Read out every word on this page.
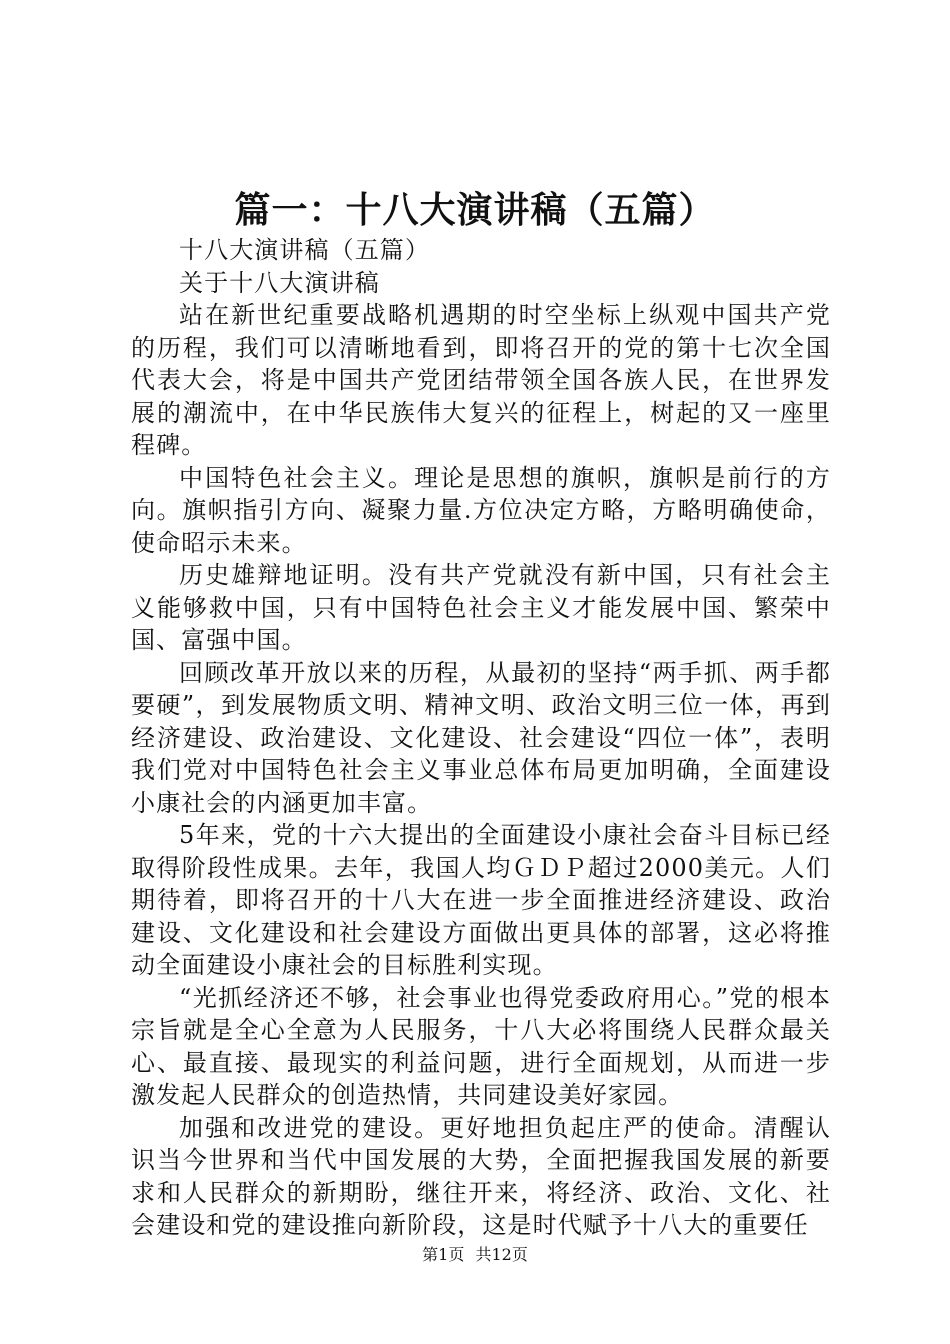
篇一：十八大演讲稿（五篇）

十八大演讲稿（五篇）

关于十八大演讲稿

站在新世纪重要战略机遇期的时空坐标上纵观中国共产党的历程，我们可以清晰地看到，即将召开的党的第十七次全国代表大会，将是中国共产党团结带领全国各族人民，在世界发展的潮流中，在中华民族伟大复兴的征程上，树起的又一座里程碑。

中国特色社会主义。理论是思想的旗帜，旗帜是前行的方向。旗帜指引方向、凝聚力量.方位决定方略，方略明确使命，使命昭示未来。

历史雄辩地证明。没有共产党就没有新中国，只有社会主义能够救中国，只有中国特色社会主义才能发展中国、繁荣中国、富强中国。

回顾改革开放以来的历程，从最初的坚持“两手抓、两手都要硬”，到发展物质文明、精神文明、政治文明三位一体，再到经济建设、政治建设、文化建设、社会建设“四位一体”，表明我们党对中国特色社会主义事业总体布局更加明确，全面建设小康社会的内涵更加丰富。

5年来，党的十六大提出的全面建设小康社会奋斗目标已经取得阶段性成果。去年，我国人均ＧＤＰ超过2000美元。人们期待着，即将召开的十八大在进一步全面推进经济建设、政治建设、文化建设和社会建设方面做出更具体的部署，这必将推动全面建设小康社会的目标胜利实现。

“光抓经济还不够，社会事业也得党委政府用心。”党的根本宗旨就是全心全意为人民服务，十八大必将围绕人民群众最关心、最直接、最现实的利益问题，进行全面规划，从而进一步激发起人民群众的创造热情，共同建设美好家园。

加强和改进党的建设。更好地担负起庄严的使命。清醒认识当今世界和当代中国发展的大势，全面把握我国发展的新要求和人民群众的新期盼，继往开来，将经济、政治、文化、社会建设和党的建设推向新阶段，这是时代赋予十八大的重要任

第1页 共12页
